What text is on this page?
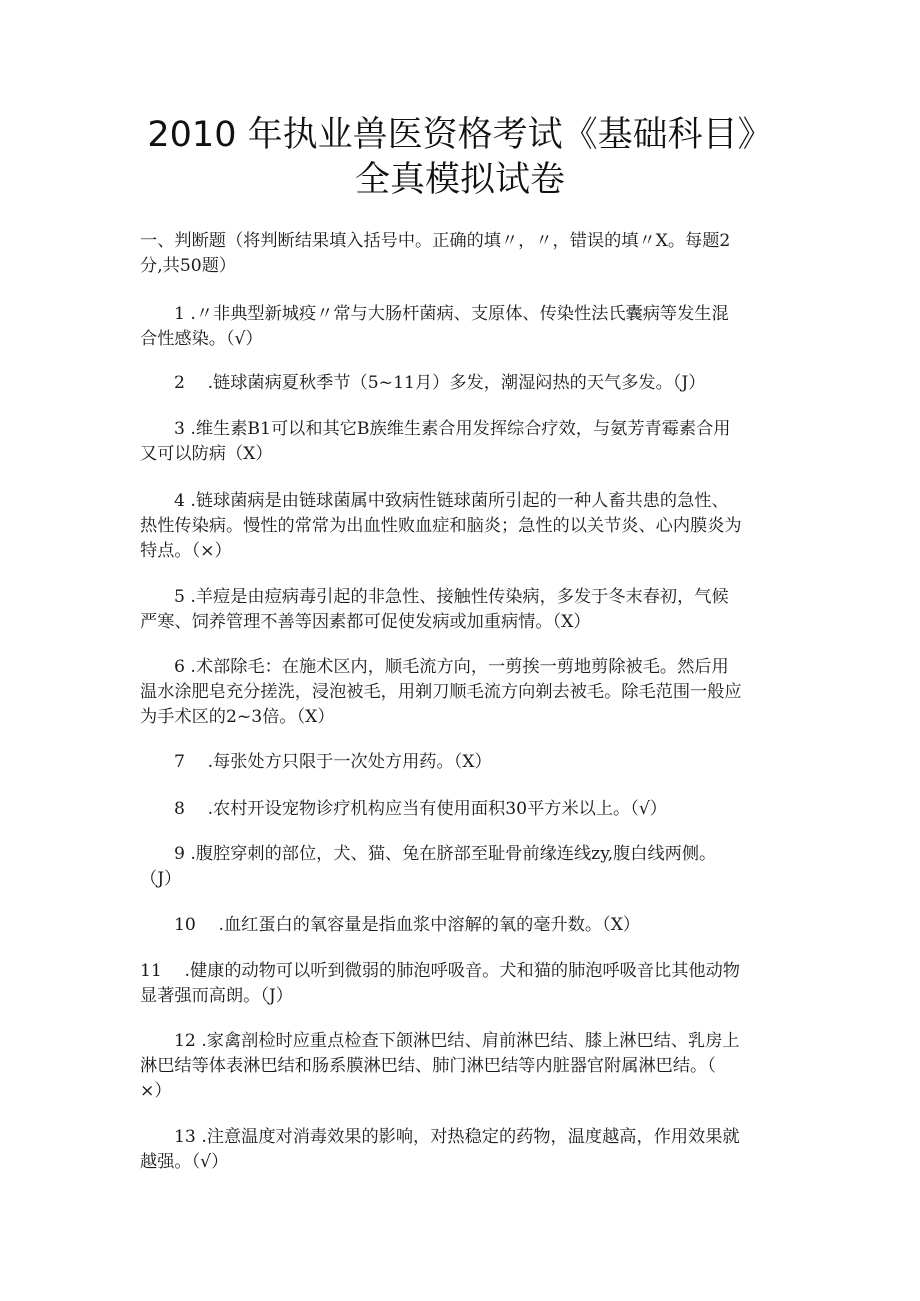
2010 年执业兽医资格考试《基础科目》
全真模拟试卷
一、判断题（将判断结果填入括号中。正确的填〃，〃，错误的填〃X。每题2
分,共50题）
1 .〃非典型新城疫〃常与大肠杆菌病、支原体、传染性法氏囊病等发生混
合性感染。（√）
2　 .链球菌病夏秋季节（5~11月）多发，潮湿闷热的天气多发。（J）
3 .维生素B1可以和其它B族维生素合用发挥综合疗效，与氨芳青霉素合用
又可以防病（X）
4 .链球菌病是由链球菌属中致病性链球菌所引起的一种人畜共患的急性、
热性传染病。慢性的常常为出血性败血症和脑炎；急性的以关节炎、心内膜炎为
特点。（×）
5 .羊痘是由痘病毒引起的非急性、接触性传染病，多发于冬末春初，气候
严寒、饲养管理不善等因素都可促使发病或加重病情。（X）
6 .术部除毛：在施术区内，顺毛流方向，一剪挨一剪地剪除被毛。然后用
温水涂肥皂充分搓洗，浸泡被毛，用剃刀顺毛流方向剃去被毛。除毛范围一般应
为手术区的2~3倍。（X）
7　 .每张处方只限于一次处方用药。（X）
8　 .农村开设宠物诊疗机构应当有使用面积30平方米以上。（√）
9 .腹腔穿刺的部位，犬、猫、兔在脐部至耻骨前缘连线zy,腹白线两侧。
（J）
10　 .血红蛋白的氧容量是指血浆中溶解的氧的毫升数。（X）
11　 .健康的动物可以听到微弱的肺泡呼吸音。犬和猫的肺泡呼吸音比其他动物
显著强而高朗。（J）
12 .家禽剖检时应重点检查下颌淋巴结、肩前淋巴结、膝上淋巴结、乳房上
淋巴结等体表淋巴结和肠系膜淋巴结、肺门淋巴结等内脏器官附属淋巴结。（
×）
13 .注意温度对消毒效果的影响，对热稳定的药物，温度越高，作用效果就
越强。（√）
